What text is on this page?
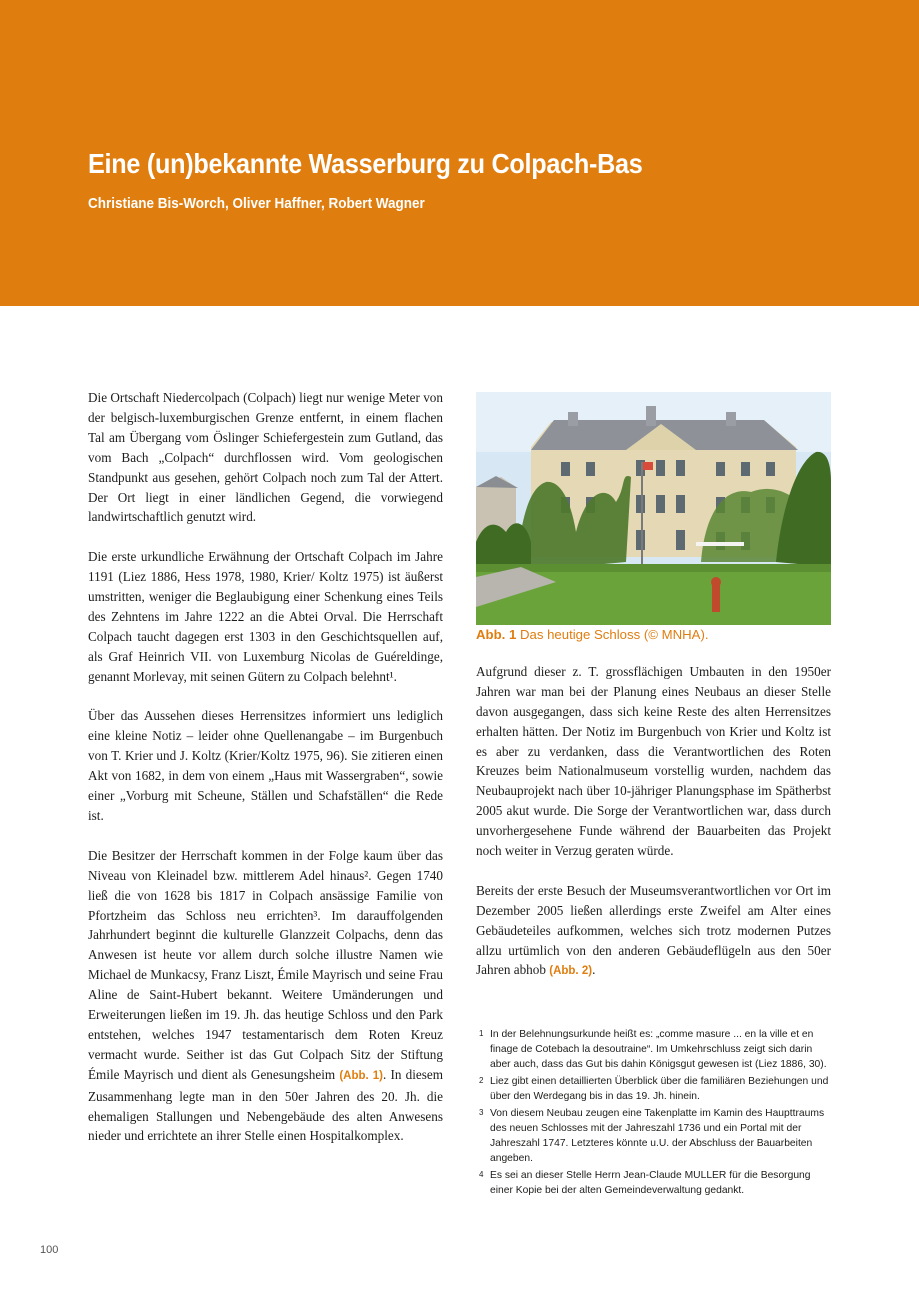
Eine (un)bekannte Wasserburg zu Colpach-Bas

Christiane Bis-Worch, Oliver Haffner, Robert Wagner

Die Ortschaft Niedercolpach (Colpach) liegt nur wenige Meter von der belgisch-luxemburgischen Grenze entfernt, in einem flachen Tal am Übergang vom Öslinger Schiefergestein zum Gutland, das vom Bach „Colpach“ durchflossen wird. Vom geologischen Standpunkt aus gesehen, gehört Colpach noch zum Tal der Attert. Der Ort liegt in einer ländlichen Gegend, die vorwiegend landwirtschaftlich genutzt wird.

Die erste urkundliche Erwähnung der Ortschaft Colpach im Jahre 1191 (Liez 1886, Hess 1978, 1980, Krier/ Koltz 1975) ist äußerst umstritten, weniger die Beglaubigung einer Schenkung eines Teils des Zehntens im Jahre 1222 an die Abtei Orval. Die Herrschaft Colpach taucht dagegen erst 1303 in den Geschichtsquellen auf, als Graf Heinrich VII. von Luxemburg Nicolas de Guéreldinge, genannt Morlevay, mit seinen Gütern zu Colpach belehnt¹.

Über das Aussehen dieses Herrensitzes informiert uns lediglich eine kleine Notiz – leider ohne Quellenangabe – im Burgenbuch von T. Krier und J. Koltz (Krier/Koltz 1975, 96). Sie zitieren einen Akt von 1682, in dem von einem „Haus mit Wassergraben“, sowie einer „Vorburg mit Scheune, Ställen und Schafställen“ die Rede ist.

Die Besitzer der Herrschaft kommen in der Folge kaum über das Niveau von Kleinadel bzw. mittlerem Adel hinaus². Gegen 1740 ließ die von 1628 bis 1817 in Colpach ansässige Familie von Pfortzheim das Schloss neu errichten³. Im darauffolgenden Jahrhundert beginnt die kulturelle Glanzzeit Colpachs, denn das Anwesen ist heute vor allem durch solche illustre Namen wie Michael de Munkacsy, Franz Liszt, Émile Mayrisch und seine Frau Aline de Saint-Hubert bekannt. Weitere Umänderungen und Erweiterungen ließen im 19. Jh. das heutige Schloss und den Park entstehen, welches 1947 testamentarisch dem Roten Kreuz vermacht wurde. Seither ist das Gut Colpach Sitz der Stiftung Émile Mayrisch und dient als Genesungsheim (Abb. 1). In diesem Zusammenhang legte man in den 50er Jahren des 20. Jh. die ehemaligen Stallungen und Nebengebäude des alten Anwesens nieder und errichtete an ihrer Stelle einen Hospitalkomplex.

Abb. 1 Das heutige Schloss (© MNHA).

Aufgrund dieser z. T. grossflächigen Umbauten in den 1950er Jahren war man bei der Planung eines Neubaus an dieser Stelle davon ausgegangen, dass sich keine Reste des alten Herrensitzes erhalten hätten. Der Notiz im Burgenbuch von Krier und Koltz ist es aber zu verdanken, dass die Verantwortlichen des Roten Kreuzes beim Nationalmuseum vorstellig wurden, nachdem das Neubauprojekt nach über 10-jähriger Planungsphase im Spätherbst 2005 akut wurde. Die Sorge der Verantwortlichen war, dass durch unvorhergesehene Funde während der Bauarbeiten das Projekt noch weiter in Verzug geraten würde.

Bereits der erste Besuch der Museumsverantwortlichen vor Ort im Dezember 2005 ließen allerdings erste Zweifel am Alter eines Gebäudeteiles aufkommen, welches sich trotz modernen Putzes allzu urtümlich von den anderen Gebäudeflügeln aus den 50er Jahren abhob (Abb. 2).

1 In der Belehnungsurkunde heißt es: „comme masure ... en la ville et en finage de Cotebach la desoutraine“. Im Umkehrschluss zeigt sich darin aber auch, dass das Gut bis dahin Königsgut gewesen ist (Liez 1886, 30).
2 Liez gibt einen detaillierten Überblick über die familiären Beziehungen und über den Werdegang bis in das 19. Jh. hinein.
3 Von diesem Neubau zeugen eine Takenplatte im Kamin des Haupttraums des neuen Schlosses mit der Jahreszahl 1736 und ein Portal mit der Jahreszahl 1747. Letzteres könnte u.U. der Abschluss der Bauarbeiten angeben.
4 Es sei an dieser Stelle Herrn Jean-Claude MULLER für die Besorgung einer Kopie bei der alten Gemeindeverwaltung gedankt.
100
